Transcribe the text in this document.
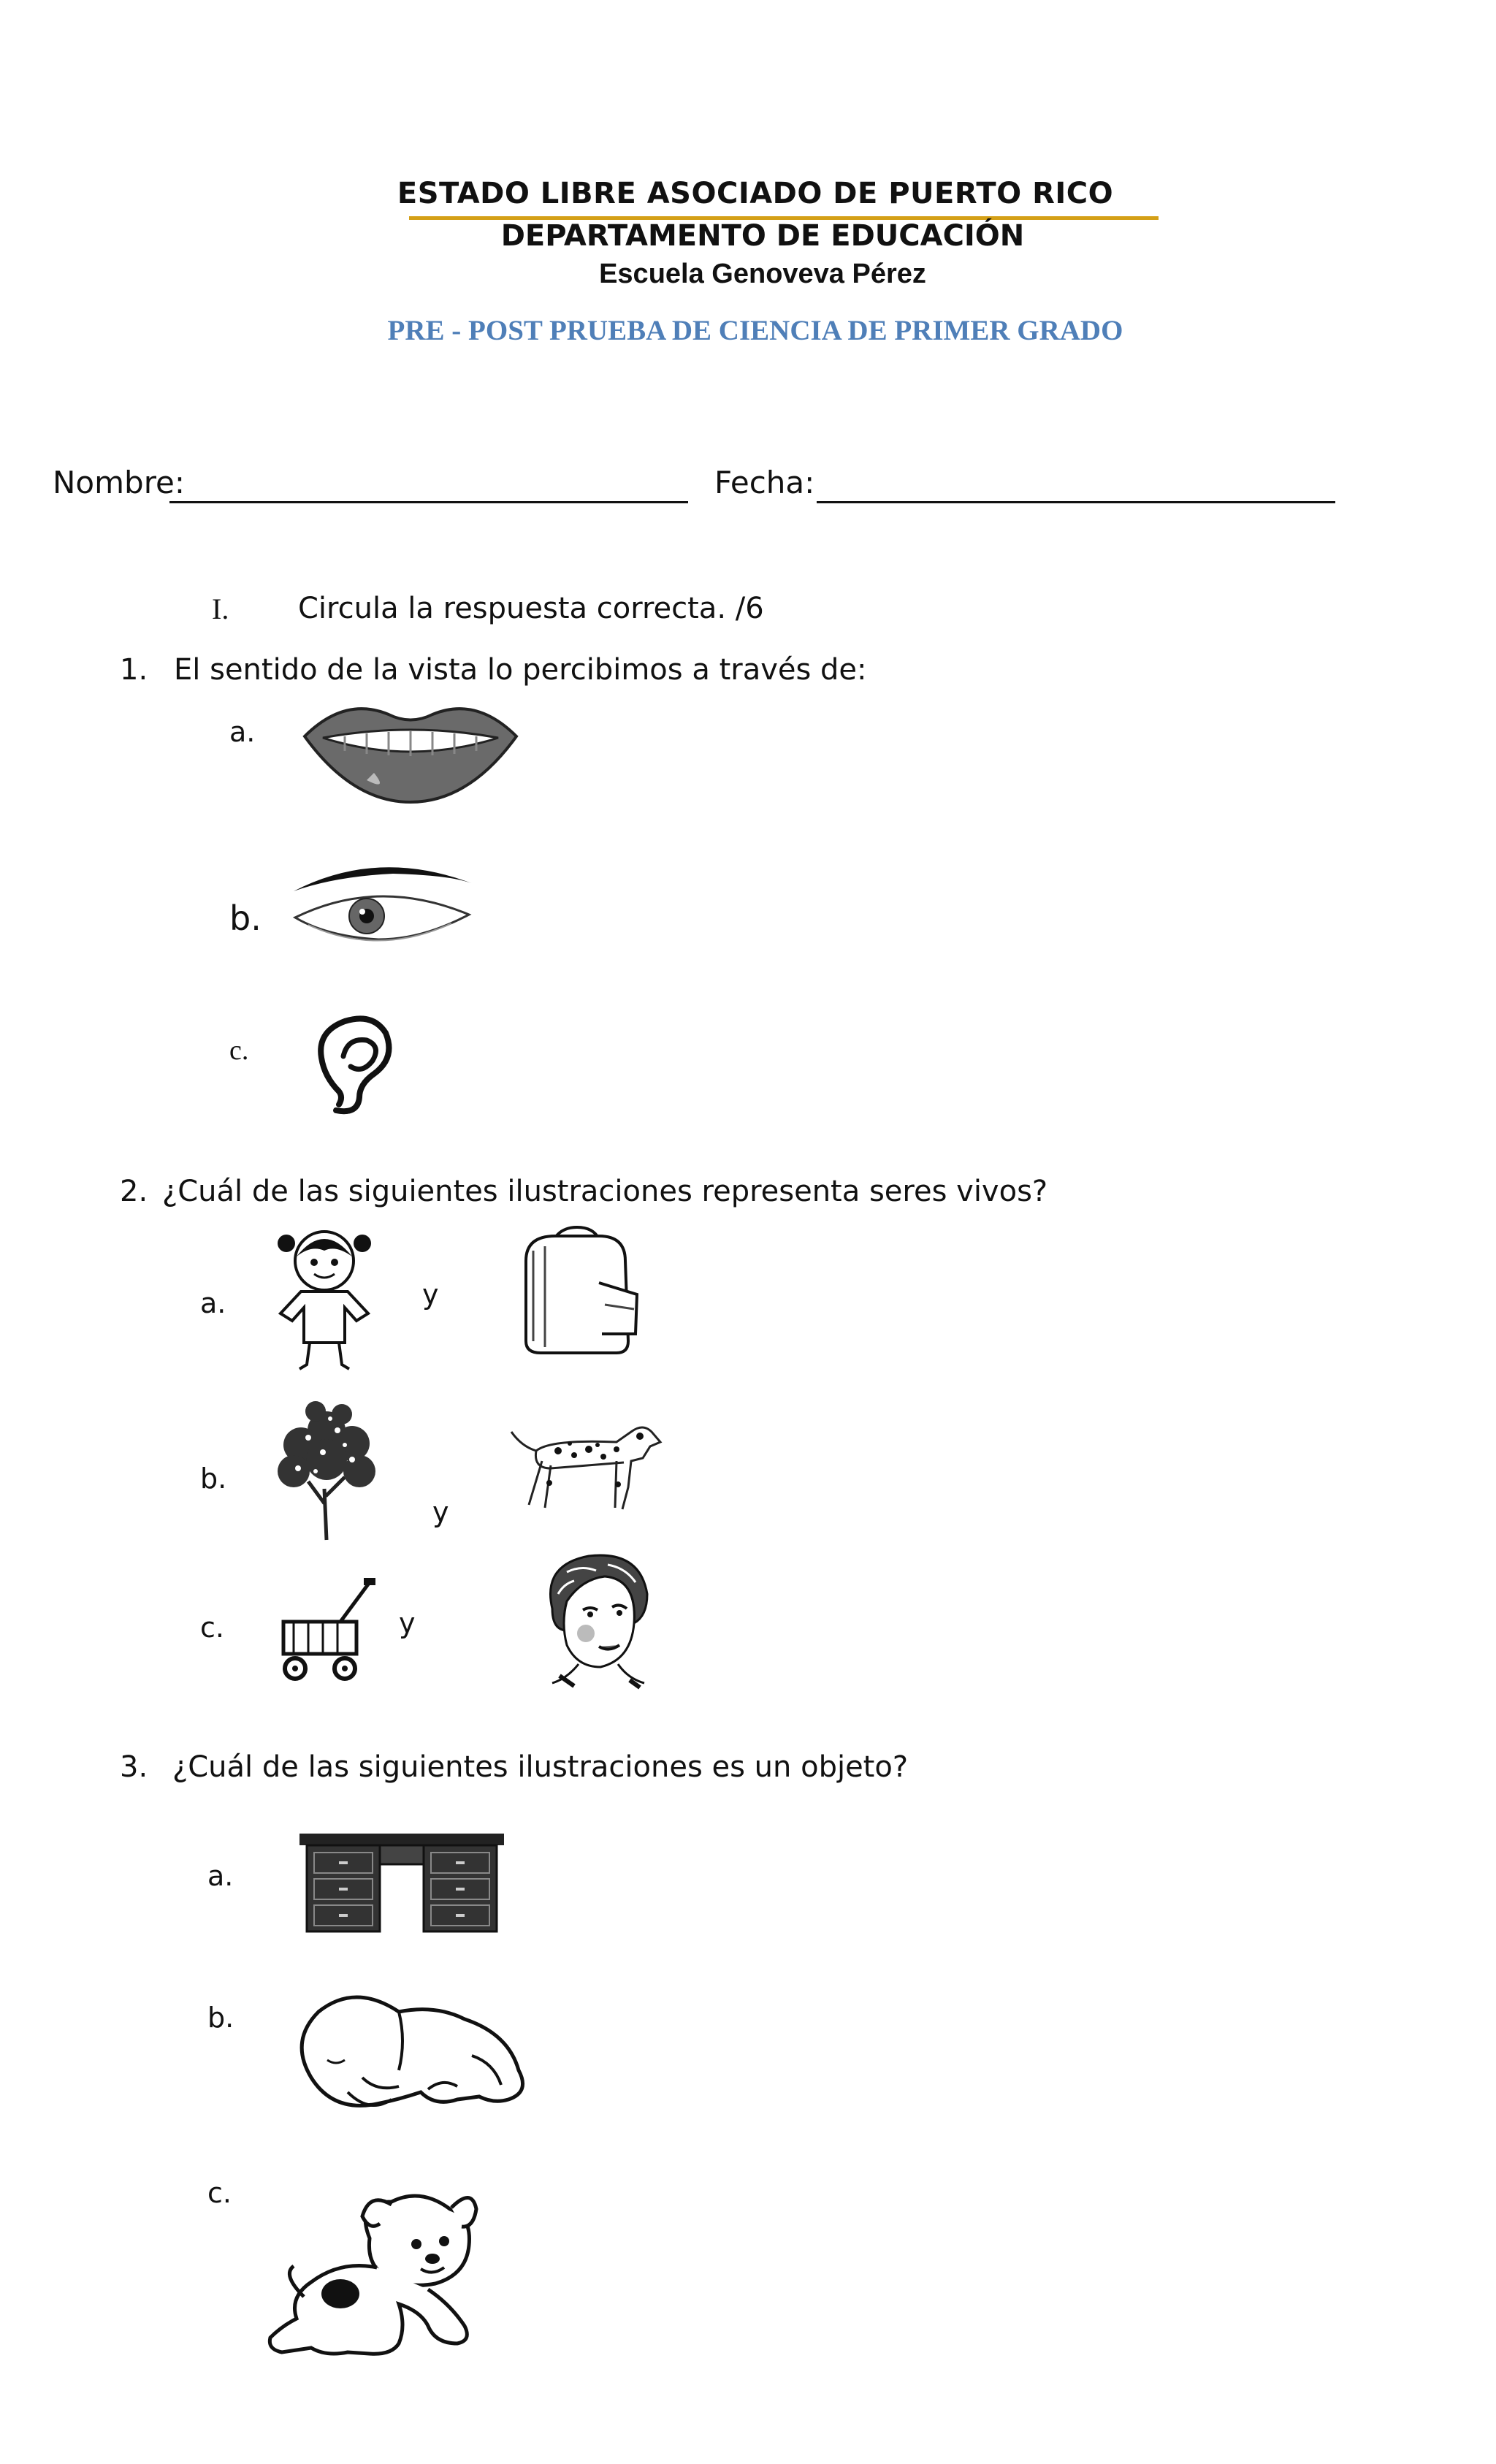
ESTADO LIBRE ASOCIADO DE PUERTO RICO
DEPARTAMENTO DE EDUCACIÓN
Escuela Genoveva Pérez
PRE - POST PRUEBA DE CIENCIA DE PRIMER GRADO
Nombre:	Fecha:
I. Circula la respuesta correcta. /6
1. El sentido de la vista lo percibimos a través de:
a.
b.
c.
2. ¿Cuál de las siguientes ilustraciones representa seres vivos?
a.	y
b.
y
c.	y
3. ¿Cuál de las siguientes ilustraciones es un objeto?
a.
b.
c.
